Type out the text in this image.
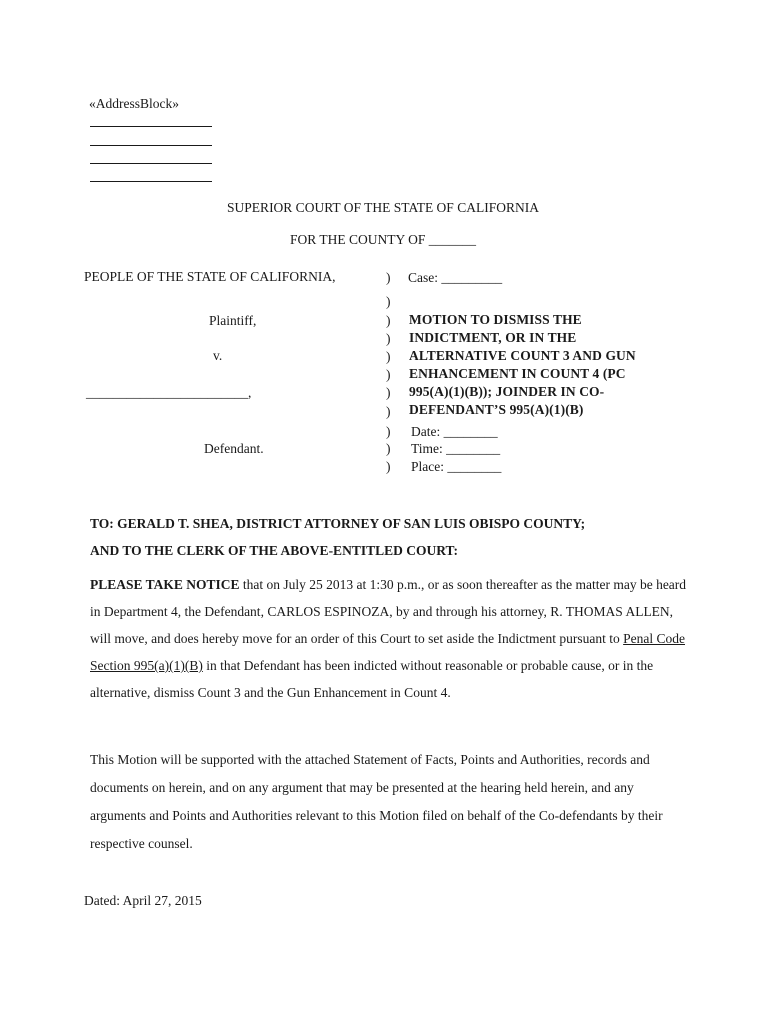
«AddressBlock»
SUPERIOR COURT OF THE STATE OF CALIFORNIA
FOR THE COUNTY OF _______
PEOPLE OF THE STATE OF CALIFORNIA,
Plaintiff,
v.
________________________,
Defendant.
)
)
)
)
)
)
)
)
)
)
)
Case: _________
MOTION TO DISMISS THE
INDICTMENT, OR IN THE
ALTERNATIVE COUNT 3 AND GUN
ENHANCEMENT IN COUNT 4 (PC
995(A)(1)(B)); JOINDER IN CO-
DEFENDANT’S 995(A)(1)(B)
Date: ________
Time: ________
Place: ________
TO: GERALD T. SHEA, DISTRICT ATTORNEY OF SAN LUIS OBISPO COUNTY;
AND TO THE CLERK OF THE ABOVE-ENTITLED COURT:
PLEASE TAKE NOTICE that on July 25 2013 at 1:30 p.m., or as soon thereafter as the matter may be heard in Department 4, the Defendant, CARLOS ESPINOZA, by and through his attorney, R. THOMAS ALLEN, will move, and does hereby move for an order of this Court to set aside the Indictment pursuant to Penal Code Section 995(a)(1)(B) in that Defendant has been indicted without reasonable or probable cause, or in the alternative, dismiss Count 3 and the Gun Enhancement in Count 4.
This Motion will be supported with the attached Statement of Facts, Points and Authorities, records and documents on herein, and on any argument that may be presented at the hearing held herein, and any arguments and Points and Authorities relevant to this Motion filed on behalf of the Co-defendants by their respective counsel.
Dated: April 27, 2015
